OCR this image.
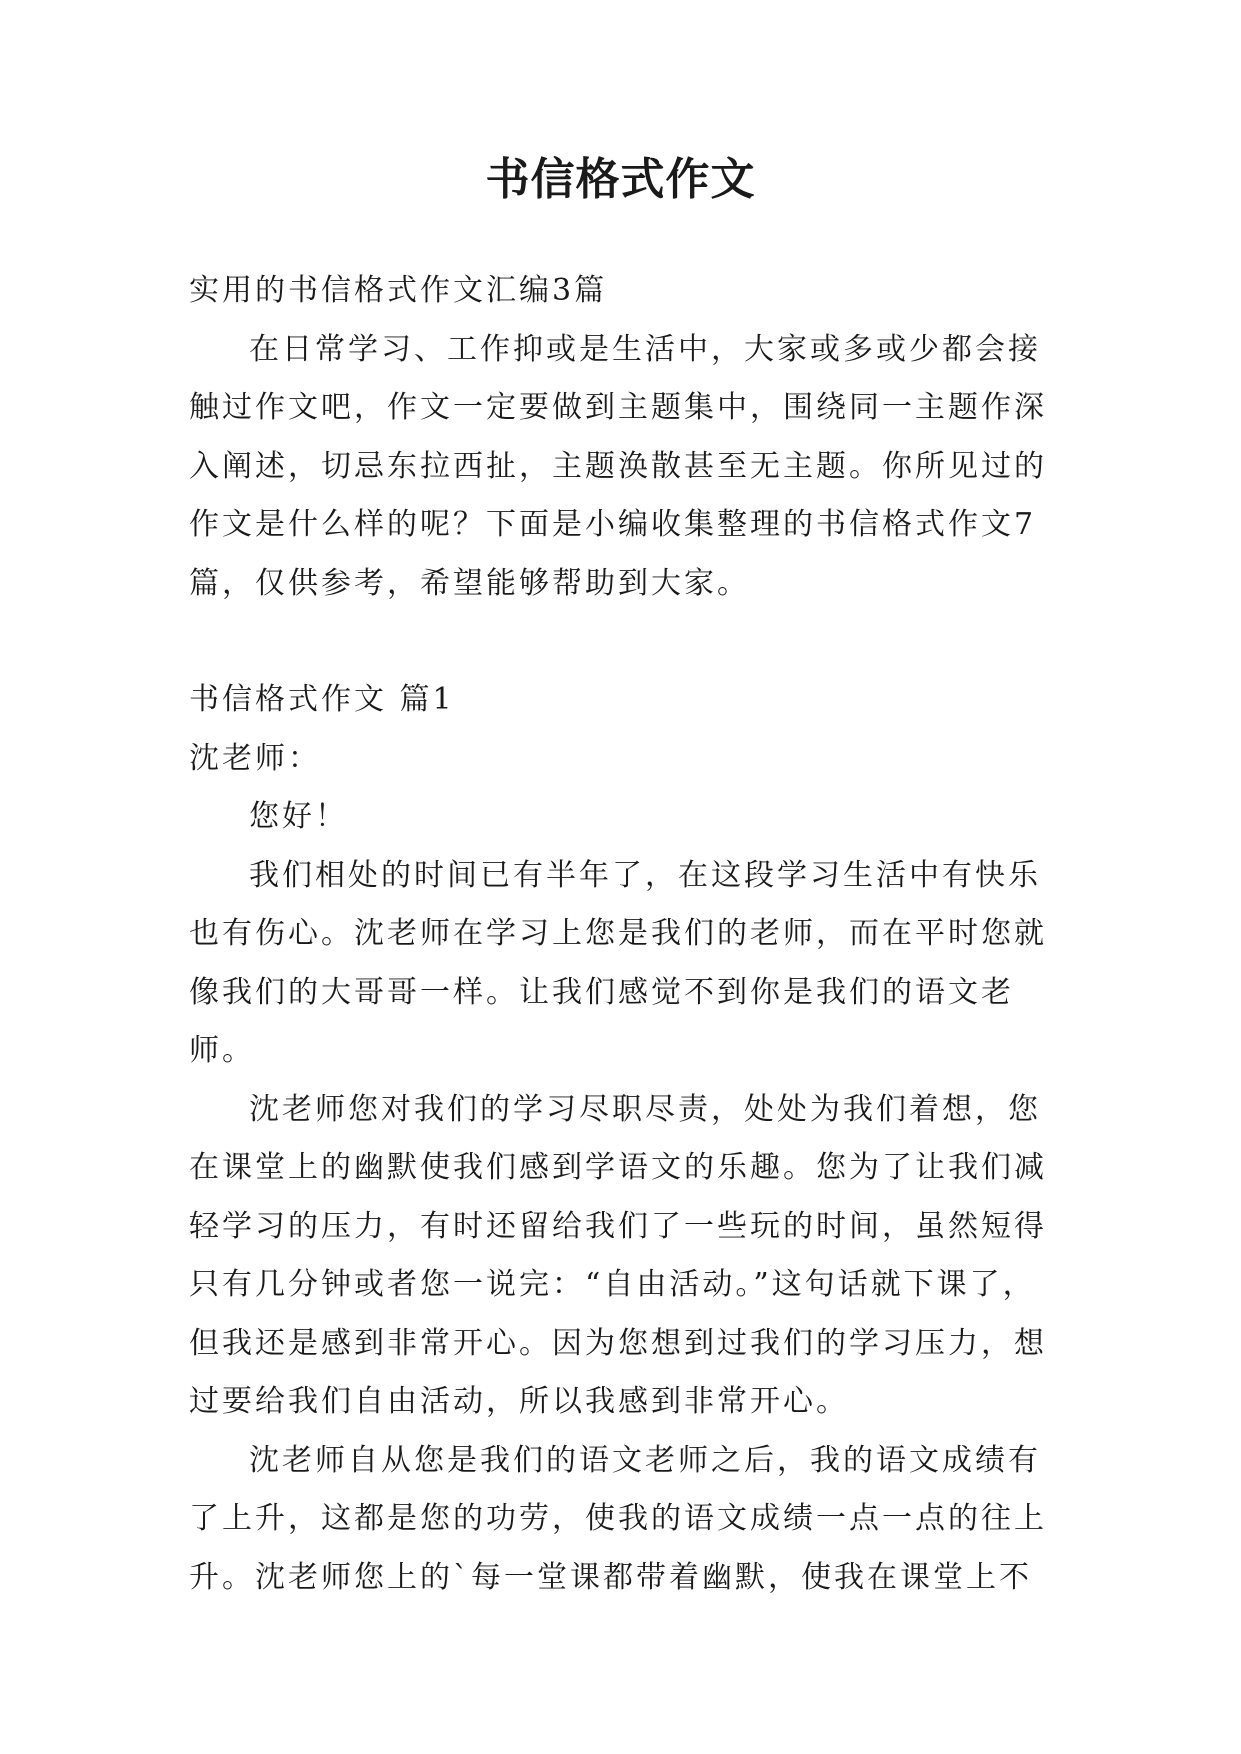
书信格式作文

实用的书信格式作文汇编3篇

在日常学习、工作抑或是生活中，大家或多或少都会接触过作文吧，作文一定要做到主题集中，围绕同一主题作深入阐述，切忌东拉西扯，主题涣散甚至无主题。你所见过的作文是什么样的呢？下面是小编收集整理的书信格式作文7篇，仅供参考，希望能够帮助到大家。

书信格式作文 篇1

沈老师：

您好！

我们相处的时间已有半年了，在这段学习生活中有快乐也有伤心。沈老师在学习上您是我们的老师，而在平时您就像我们的大哥哥一样。让我们感觉不到你是我们的语文老师。

沈老师您对我们的学习尽职尽责，处处为我们着想，您在课堂上的幽默使我们感到学语文的乐趣。您为了让我们减轻学习的压力，有时还留给我们了一些玩的时间，虽然短得只有几分钟或者您一说完：“自由活动。”这句话就下课了，但我还是感到非常开心。因为您想到过我们的学习压力，想过要给我们自由活动，所以我感到非常开心。

沈老师自从您是我们的语文老师之后，我的语文成绩有了上升，这都是您的功劳，使我的语文成绩一点一点的往上升。沈老师您上的`每一堂课都带着幽默，使我在课堂上不
